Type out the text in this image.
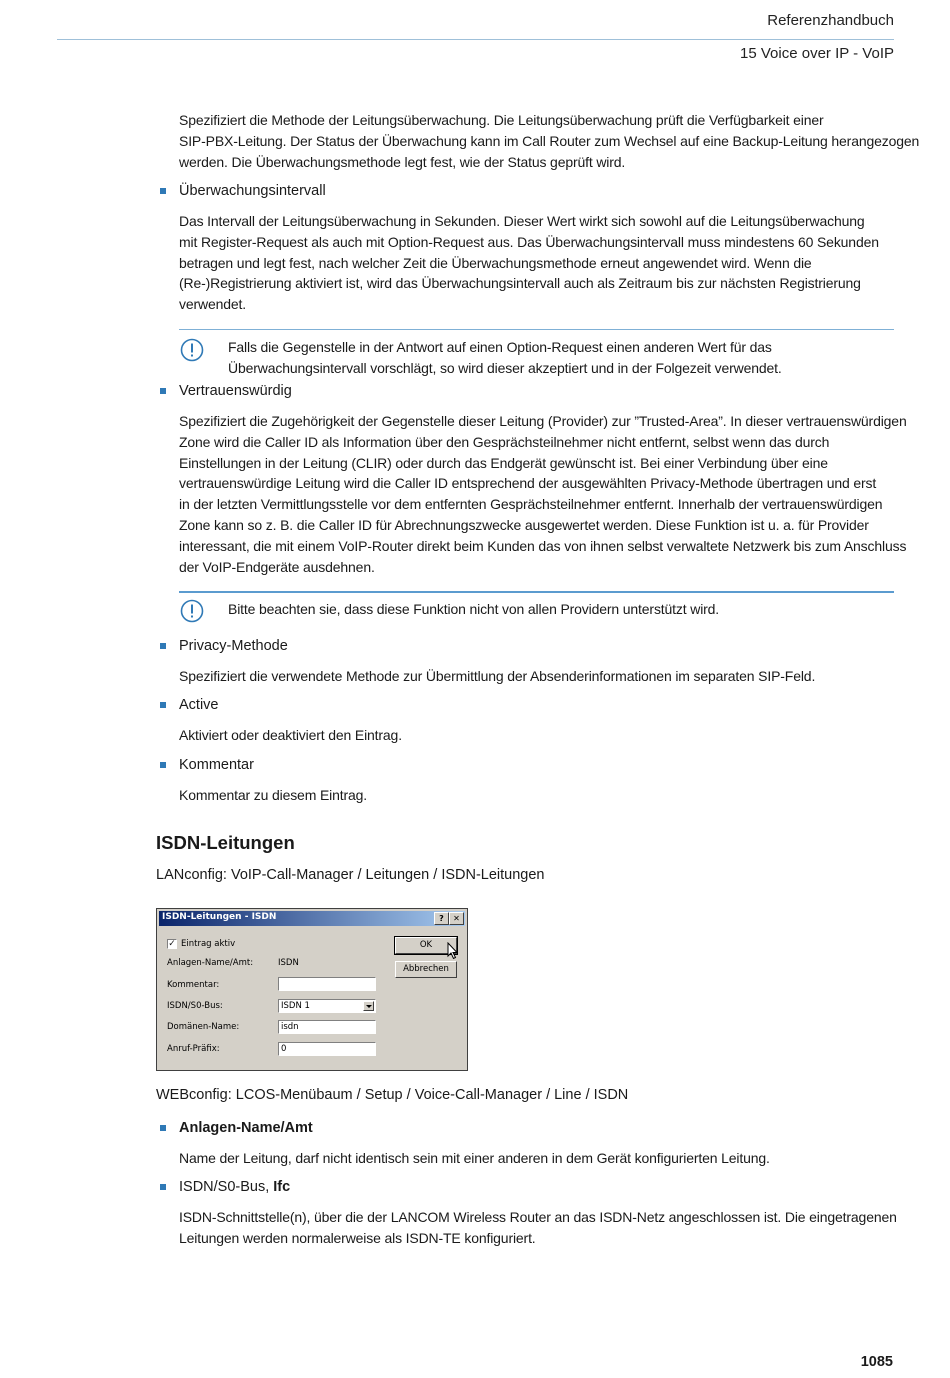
Referenzhandbuch
15 Voice over IP - VoIP
Spezifiziert die Methode der Leitungsüberwachung. Die Leitungsüberwachung prüft die Verfügbarkeit einer
SIP-PBX-Leitung. Der Status der Überwachung kann im Call Router zum Wechsel auf eine Backup-Leitung herangezogen
werden. Die Überwachungsmethode legt fest, wie der Status geprüft wird.
Überwachungsintervall
Das Intervall der Leitungsüberwachung in Sekunden. Dieser Wert wirkt sich sowohl auf die Leitungsüberwachung
mit Register-Request als auch mit Option-Request aus. Das Überwachungsintervall muss mindestens 60 Sekunden
betragen und legt fest, nach welcher Zeit die Überwachungsmethode erneut angewendet wird. Wenn die
(Re-)Registrierung aktiviert ist, wird das Überwachungsintervall auch als Zeitraum bis zur nächsten Registrierung
verwendet.
Falls die Gegenstelle in der Antwort auf einen Option-Request einen anderen Wert für das
Überwachungsintervall vorschlägt, so wird dieser akzeptiert und in der Folgezeit verwendet.
Vertrauenswürdig
Spezifiziert die Zugehörigkeit der Gegenstelle dieser Leitung (Provider) zur ”Trusted-Area”. In dieser vertrauenswürdigen
Zone wird die Caller ID als Information über den Gesprächsteilnehmer nicht entfernt, selbst wenn das durch
Einstellungen in der Leitung (CLIR) oder durch das Endgerät gewünscht ist. Bei einer Verbindung über eine
vertrauenswürdige Leitung wird die Caller ID entsprechend der ausgewählten Privacy-Methode übertragen und erst
in der letzten Vermittlungsstelle vor dem entfernten Gesprächsteilnehmer entfernt. Innerhalb der vertrauenswürdigen
Zone kann so z. B. die Caller ID für Abrechnungszwecke ausgewertet werden. Diese Funktion ist u. a. für Provider
interessant, die mit einem VoIP-Router direkt beim Kunden das von ihnen selbst verwaltete Netzwerk bis zum Anschluss
der VoIP-Endgeräte ausdehnen.
Bitte beachten sie, dass diese Funktion nicht von allen Providern unterstützt wird.
Privacy-Methode
Spezifiziert die verwendete Methode zur Übermittlung der Absenderinformationen im separaten SIP-Feld.
Active
Aktiviert oder deaktiviert den Eintrag.
Kommentar
Kommentar zu diesem Eintrag.
ISDN-Leitungen
LANconfig: VoIP-Call-Manager / Leitungen / ISDN-Leitungen
ISDN-Leitungen - ISDN	?	✕
✓ Eintrag aktiv
Anlagen-Name/Amt:	ISDN
Kommentar:
ISDN/S0-Bus:	ISDN 1
Domänen-Name:	isdn
Anruf-Präfix:	0
OK
Abbrechen
WEBconfig: LCOS-Menübaum / Setup / Voice-Call-Manager / Line / ISDN
Anlagen-Name/Amt
Name der Leitung, darf nicht identisch sein mit einer anderen in dem Gerät konfigurierten Leitung.
ISDN/S0-Bus, Ifc
ISDN-Schnittstelle(n), über die der LANCOM Wireless Router an das ISDN-Netz angeschlossen ist. Die eingetragenen
Leitungen werden normalerweise als ISDN-TE konfiguriert.
1085
